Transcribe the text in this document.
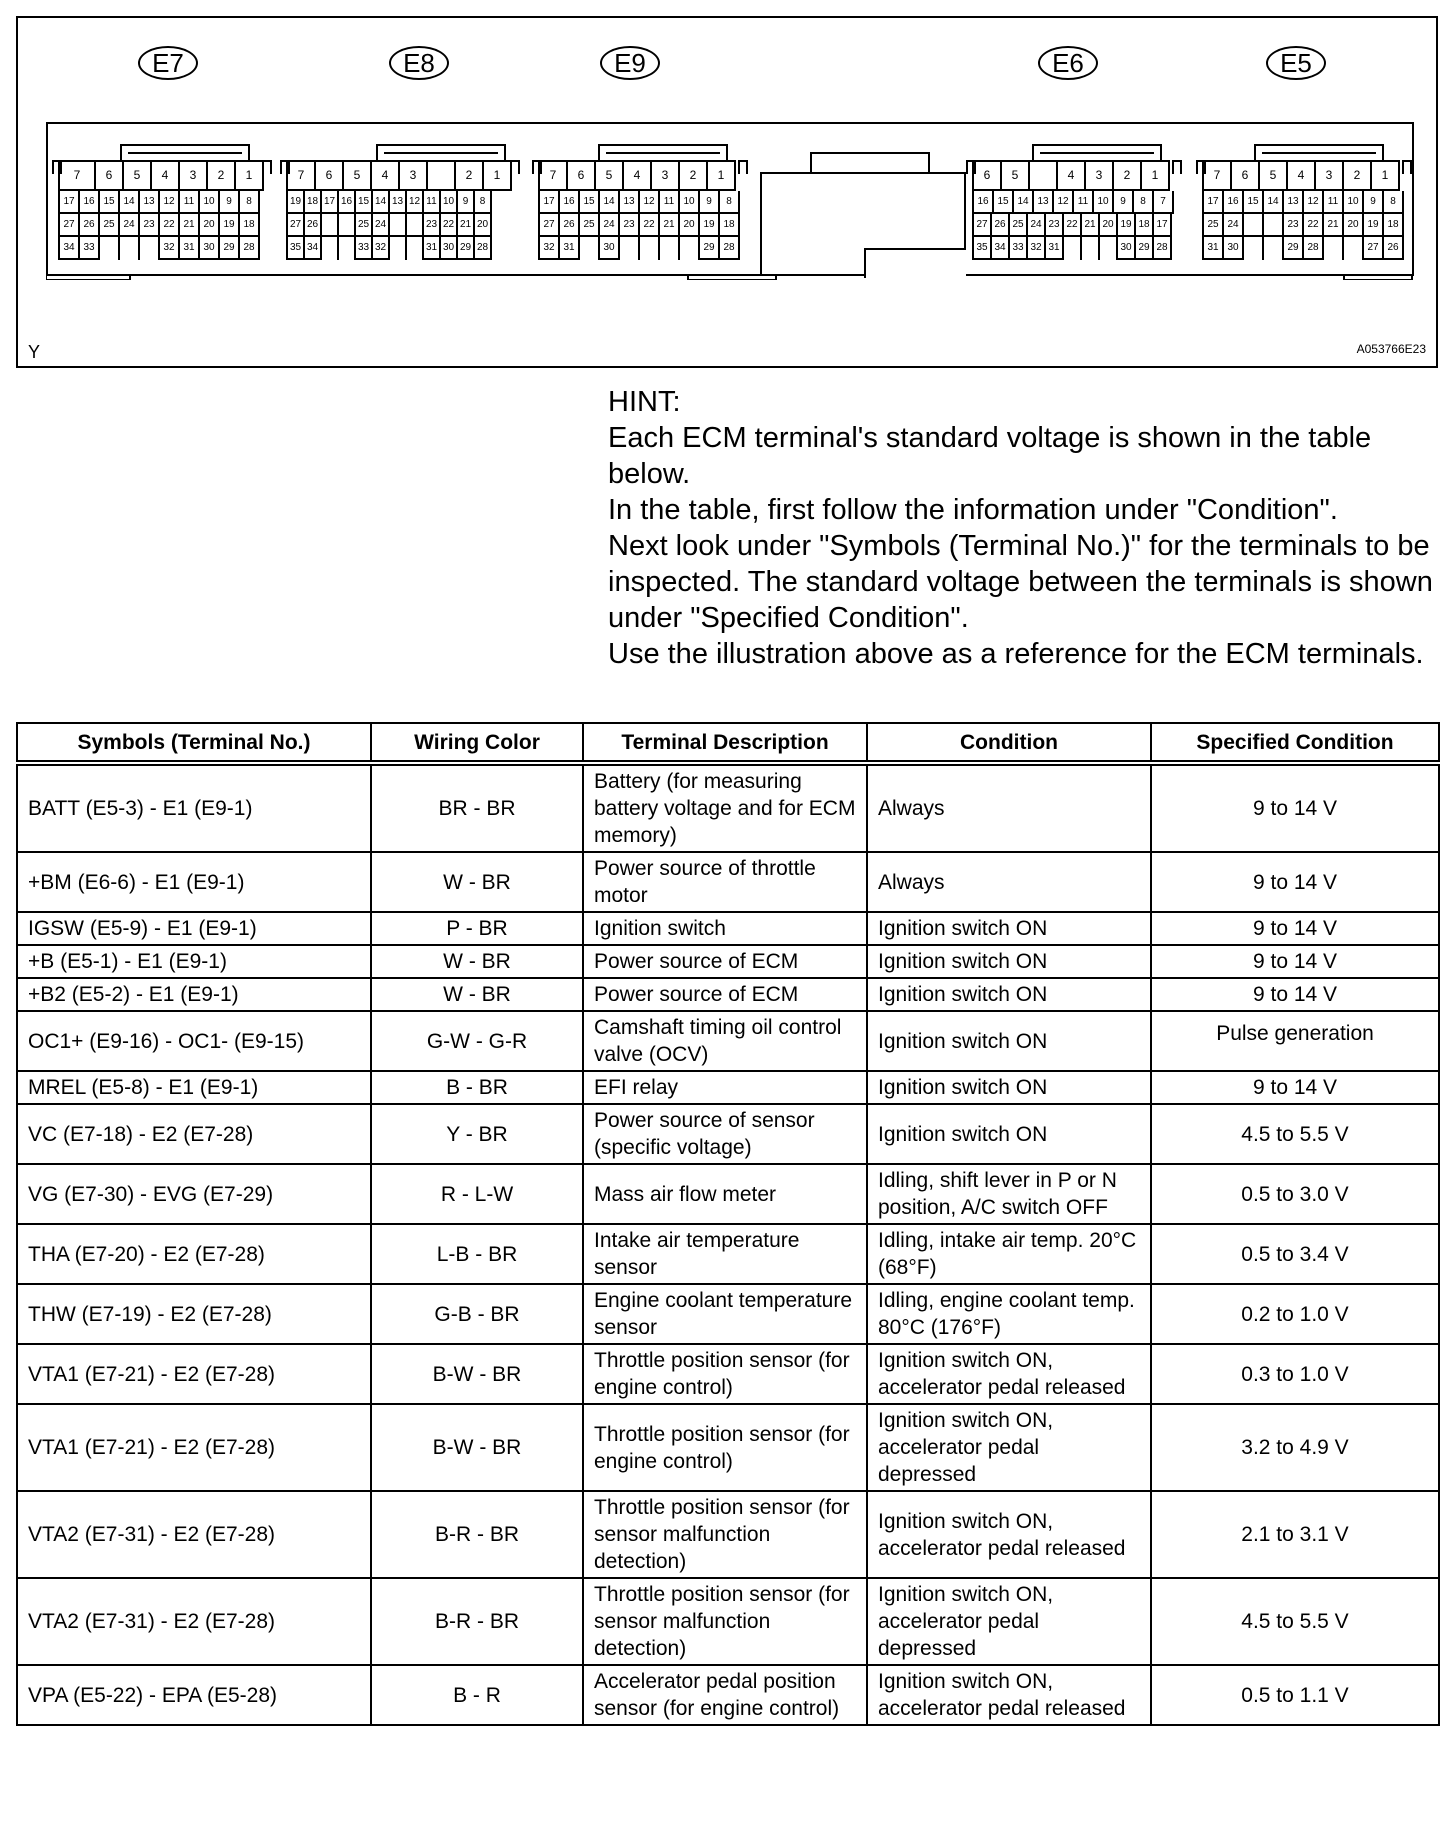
E7	E8	E9	E6	E5
7	6	5	4	3	2	1
17 16 15 14 13 12 11 10	9	8
27 26 25 24 23 22 21 20 19 18
34 33	32 31 30 29 28
7	6	5	4	3	2	1
19 18 17 16 15 14 13 12 11 10 9	8
27 26	25 24	23 22 21 20
35 34	33 32	31 30 29 28
7	6	5	4	3	2	1
17 16 15 14 13 12 11 10	9	8
27 26 25 24 23 22 21 20 19 18
32 31	30	29 28
6	5	4	3	2	1
16 15 14 13 12 11 10	9	8	7
27 26 25 24 23 22 21 20 19 18 17
35 34 33 32 31	30 29 28
7	6	5	4	3	2	1
17 16 15 14 13 12 11 10	9	8
25 24	23 22 21 20 19 18
31 30	29 28	27 26
Y	A053766E23

HINT:

Each ECM terminal's standard voltage is shown in the table below.

In the table, first follow the information under "Condition".

Next look under "Symbols (Terminal No.)" for the terminals to be inspected. The standard voltage between the terminals is shown under "Specified Condition".

Use the illustration above as a reference for the ECM terminals.

Symbols (Terminal No.)	Wiring Color	Terminal Description	Condition	Specified Condition
BATT (E5-3) - E1 (E9-1)	BR - BR	Battery (for measuring battery voltage and for ECM memory)	Always	9 to 14 V
+BM (E6-6) - E1 (E9-1)	W - BR	Power source of throttle motor	Always	9 to 14 V
IGSW (E5-9) - E1 (E9-1)	P - BR	Ignition switch	Ignition switch ON	9 to 14 V
+B (E5-1) - E1 (E9-1)	W - BR	Power source of ECM	Ignition switch ON	9 to 14 V
+B2 (E5-2) - E1 (E9-1)	W - BR	Power source of ECM	Ignition switch ON	9 to 14 V
OC1+ (E9-16) - OC1- (E9-15)	G-W - G-R	Camshaft timing oil control valve (OCV)	Ignition switch ON	Pulse generation
MREL (E5-8) - E1 (E9-1)	B - BR	EFI relay	Ignition switch ON	9 to 14 V
VC (E7-18) - E2 (E7-28)	Y - BR	Power source of sensor (specific voltage)	Ignition switch ON	4.5 to 5.5 V
VG (E7-30) - EVG (E7-29)	R - L-W	Mass air flow meter	Idling, shift lever in P or N position, A/C switch OFF	0.5 to 3.0 V
THA (E7-20) - E2 (E7-28)	L-B - BR	Intake air temperature sensor	Idling, intake air temp. 20°C (68°F)	0.5 to 3.4 V
THW (E7-19) - E2 (E7-28)	G-B - BR	Engine coolant temperature sensor	Idling, engine coolant temp. 80°C (176°F)	0.2 to 1.0 V
VTA1 (E7-21) - E2 (E7-28)	B-W - BR	Throttle position sensor (for engine control)	Ignition switch ON, accelerator pedal released	0.3 to 1.0 V
VTA1 (E7-21) - E2 (E7-28)	B-W - BR	Throttle position sensor (for engine control)	Ignition switch ON, accelerator pedal depressed	3.2 to 4.9 V
VTA2 (E7-31) - E2 (E7-28)	B-R - BR	Throttle position sensor (for sensor malfunction detection)	Ignition switch ON, accelerator pedal released	2.1 to 3.1 V
VTA2 (E7-31) - E2 (E7-28)	B-R - BR	Throttle position sensor (for sensor malfunction detection)	Ignition switch ON, accelerator pedal depressed	4.5 to 5.5 V
VPA (E5-22) - EPA (E5-28)	B - R	Accelerator pedal position sensor (for engine control)	Ignition switch ON, accelerator pedal released	0.5 to 1.1 V
